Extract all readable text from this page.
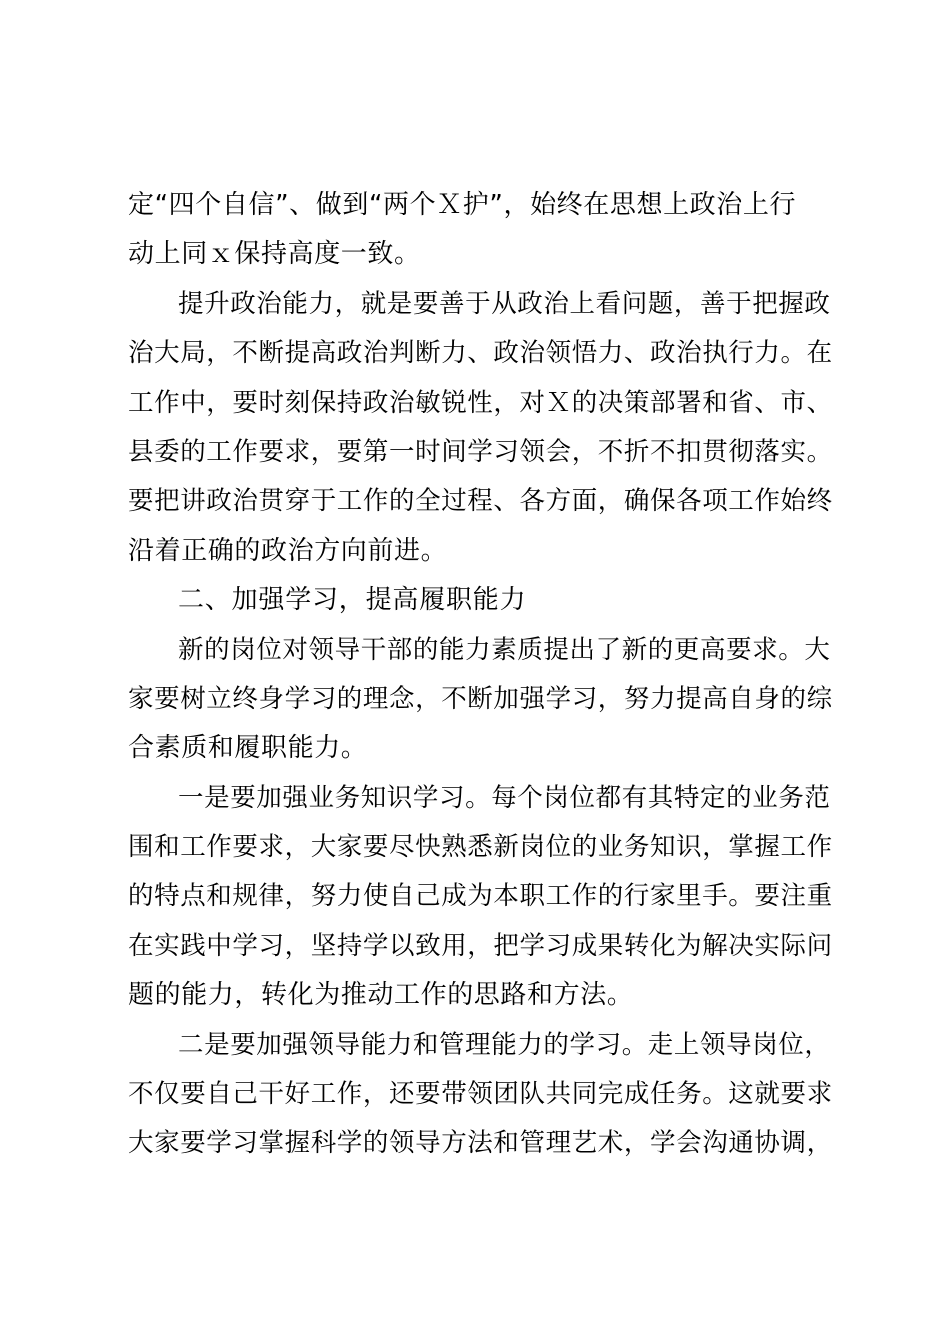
定“四个自信”、做到“两个Ｘ护”，始终在思想上政治上行
动上同ｘ保持高度一致。
提升政治能力，就是要善于从政治上看问题，善于把握政
治大局，不断提高政治判断力、政治领悟力、政治执行力。在
工作中，要时刻保持政治敏锐性，对Ｘ的决策部署和省、市、
县委的工作要求，要第一时间学习领会，不折不扣贯彻落实。
要把讲政治贯穿于工作的全过程、各方面，确保各项工作始终
沿着正确的政治方向前进。
二、加强学习，提高履职能力
新的岗位对领导干部的能力素质提出了新的更高要求。大
家要树立终身学习的理念，不断加强学习，努力提高自身的综
合素质和履职能力。
一是要加强业务知识学习。每个岗位都有其特定的业务范
围和工作要求，大家要尽快熟悉新岗位的业务知识，掌握工作
的特点和规律，努力使自己成为本职工作的行家里手。要注重
在实践中学习，坚持学以致用，把学习成果转化为解决实际问
题的能力，转化为推动工作的思路和方法。
二是要加强领导能力和管理能力的学习。走上领导岗位，
不仅要自己干好工作，还要带领团队共同完成任务。这就要求
大家要学习掌握科学的领导方法和管理艺术，学会沟通协调，
